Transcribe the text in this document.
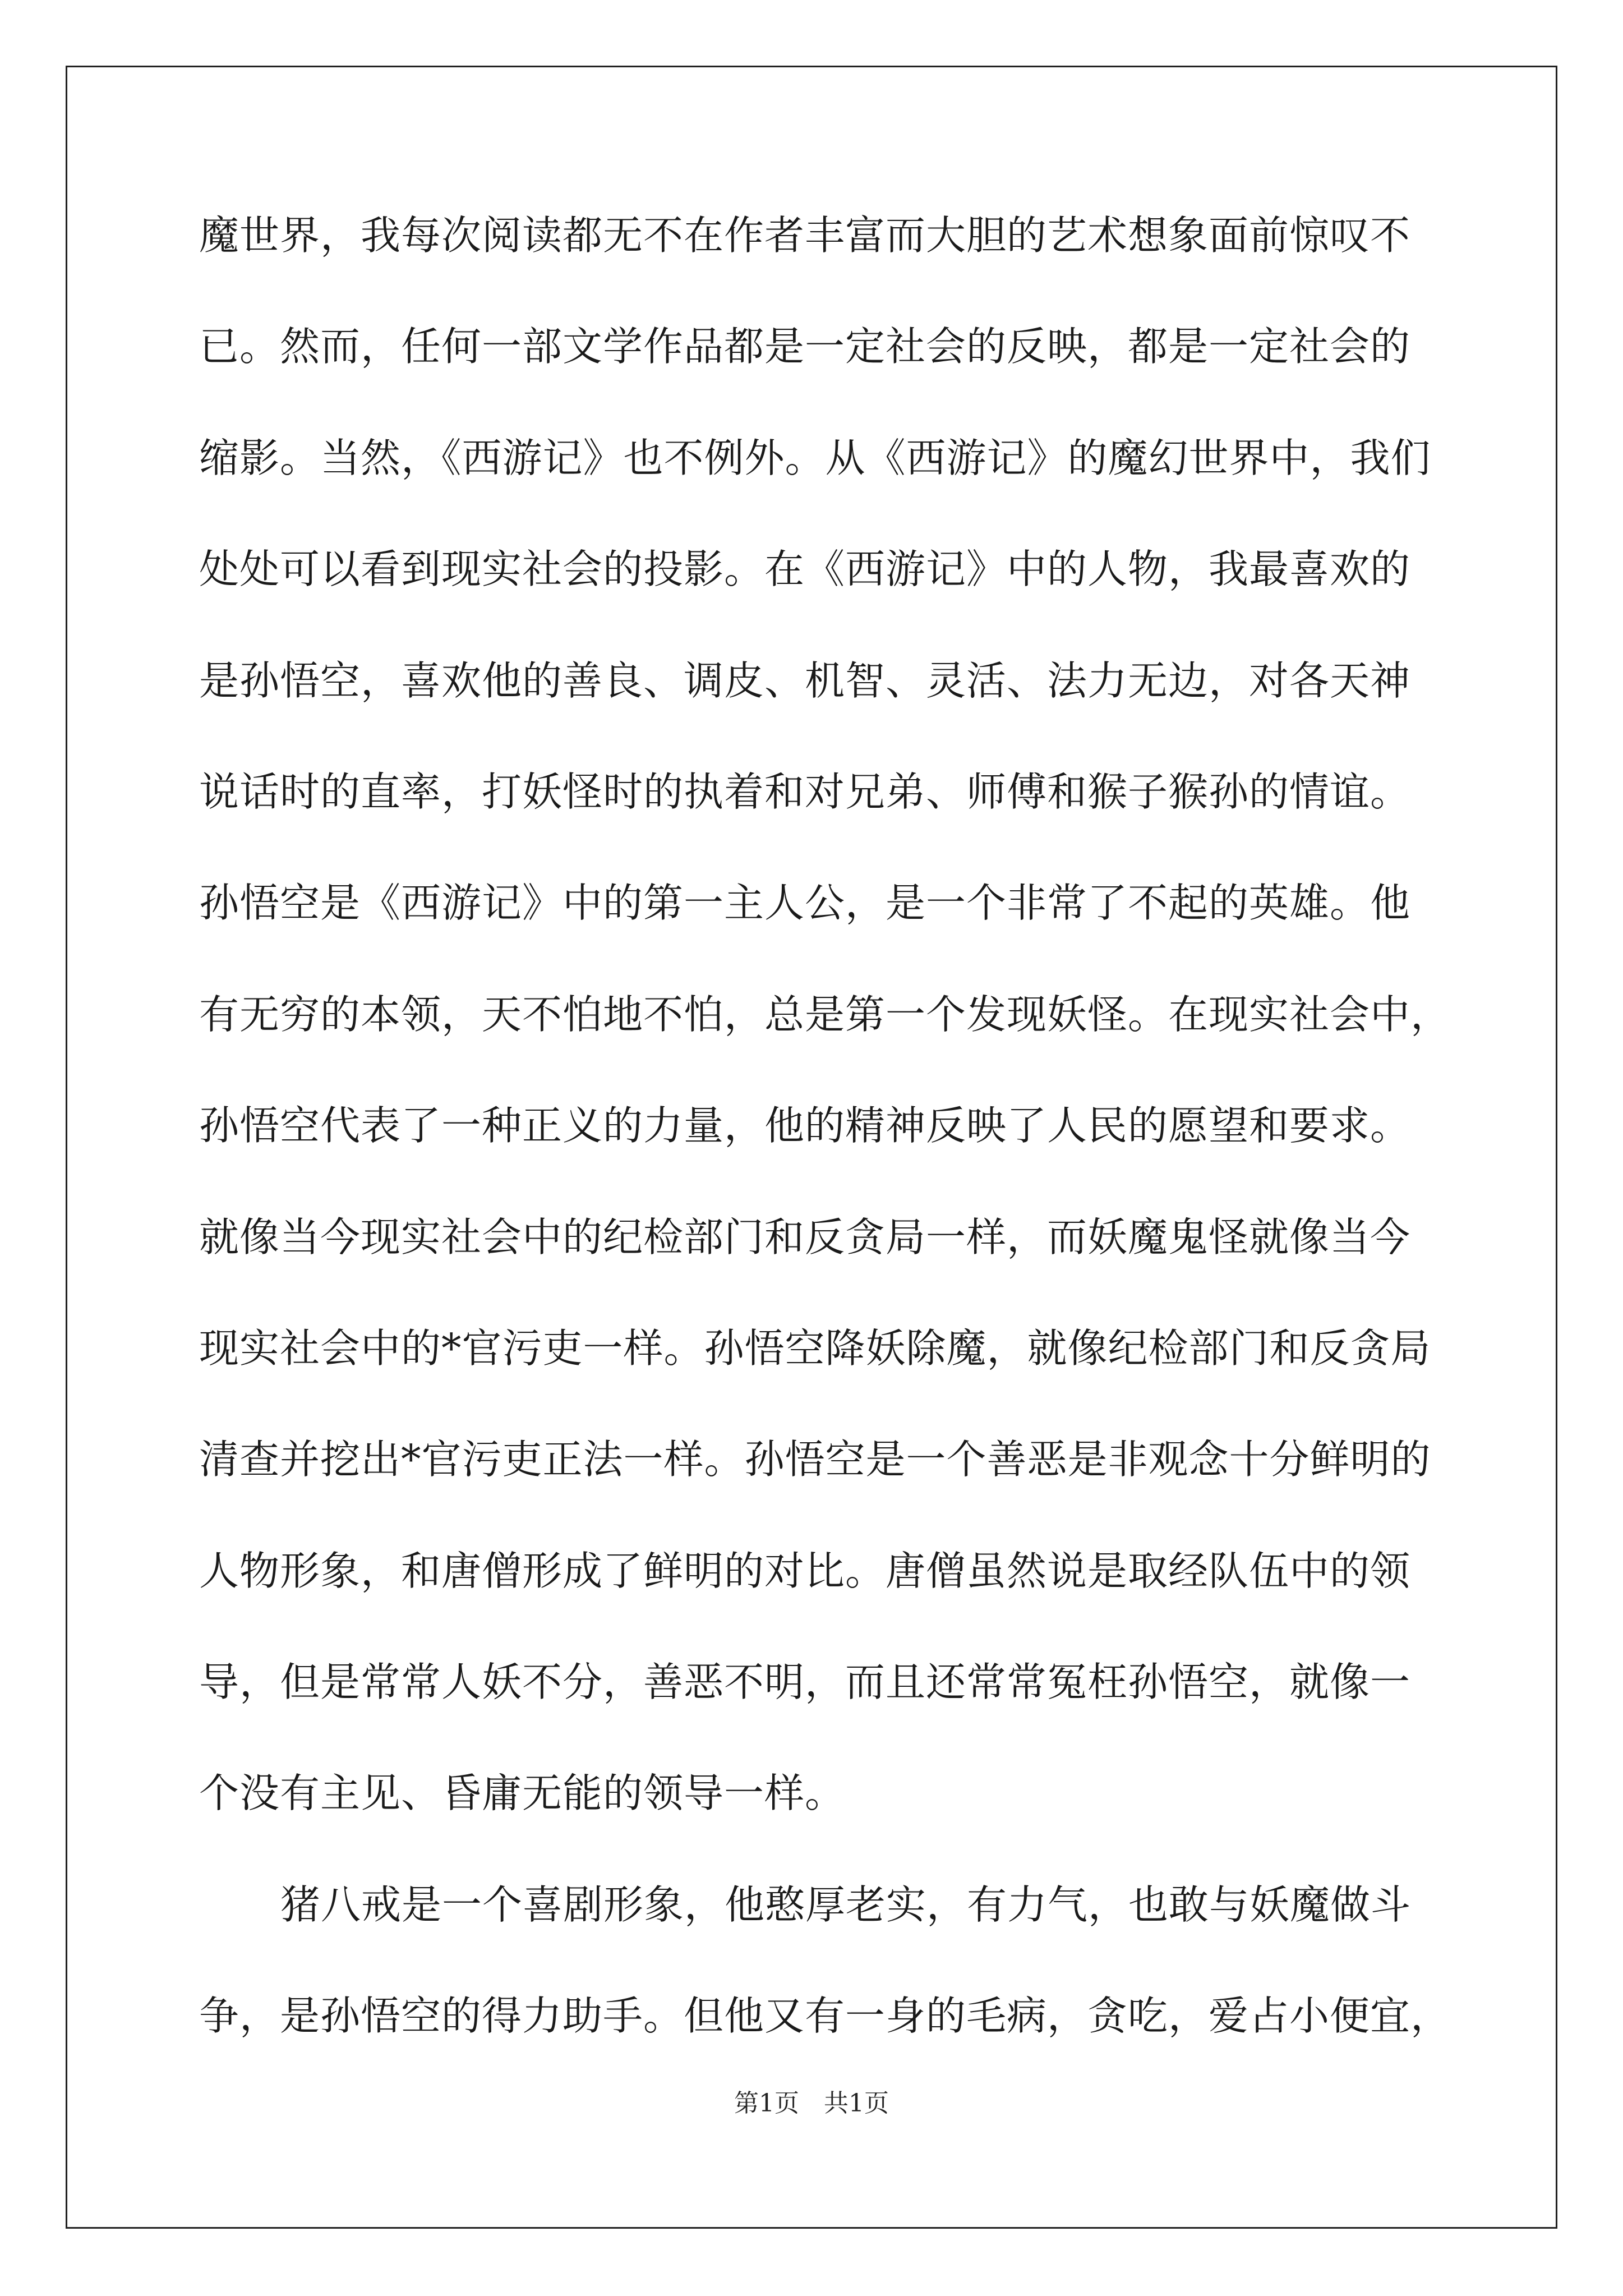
魔世界，我每次阅读都无不在作者丰富而大胆的艺术想象面前惊叹不
已。然而，任何一部文学作品都是一定社会的反映，都是一定社会的
缩影。当然，《西游记》也不例外。从《西游记》的魔幻世界中，我们
处处可以看到现实社会的投影。在《西游记》中的人物，我最喜欢的
是孙悟空，喜欢他的善良、调皮、机智、灵活、法力无边，对各天神
说话时的直率，打妖怪时的执着和对兄弟、师傅和猴子猴孙的情谊。
孙悟空是《西游记》中的第一主人公，是一个非常了不起的英雄。他
有无穷的本领，天不怕地不怕，总是第一个发现妖怪。在现实社会中，
孙悟空代表了一种正义的力量，他的精神反映了人民的愿望和要求。
就像当今现实社会中的纪检部门和反贪局一样，而妖魔鬼怪就像当今
现实社会中的*官污吏一样。孙悟空降妖除魔，就像纪检部门和反贪局
清查并挖出*官污吏正法一样。孙悟空是一个善恶是非观念十分鲜明的
人物形象，和唐僧形成了鲜明的对比。唐僧虽然说是取经队伍中的领
导，但是常常人妖不分，善恶不明，而且还常常冤枉孙悟空，就像一
个没有主见、昏庸无能的领导一样。
猪八戒是一个喜剧形象，他憨厚老实，有力气，也敢与妖魔做斗
争，是孙悟空的得力助手。但他又有一身的毛病，贪吃，爱占小便宜，
第1页　共1页
